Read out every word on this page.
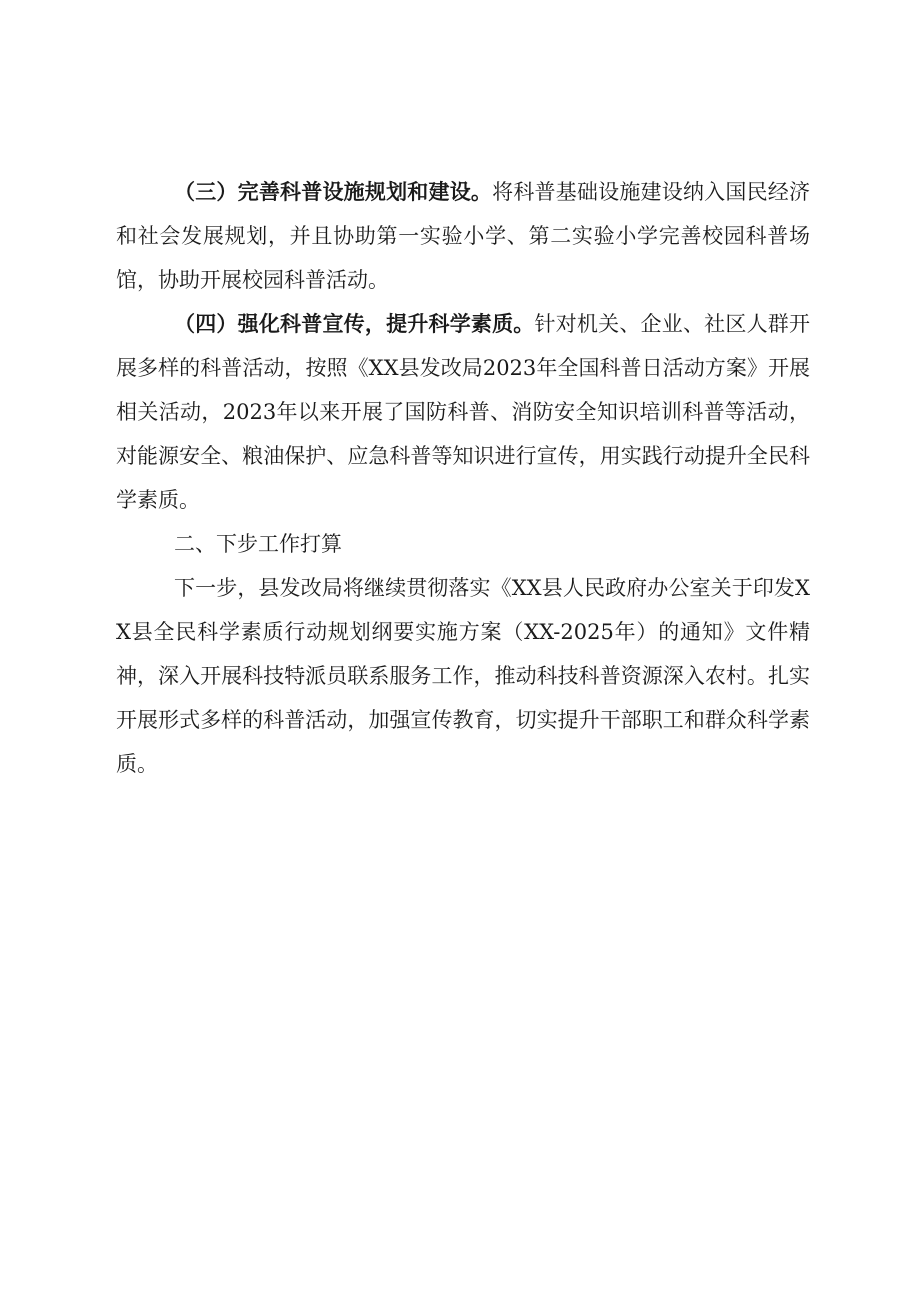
（三）完善科普设施规划和建设。将科普基础设施建设纳入国民经济和社会发展规划，并且协助第一实验小学、第二实验小学完善校园科普场馆，协助开展校园科普活动。

（四）强化科普宣传，提升科学素质。针对机关、企业、社区人群开展多样的科普活动，按照《XX县发改局2023年全国科普日活动方案》开展相关活动，2023年以来开展了国防科普、消防安全知识培训科普等活动，对能源安全、粮油保护、应急科普等知识进行宣传，用实践行动提升全民科学素质。

二、下步工作打算

下一步，县发改局将继续贯彻落实《XX县人民政府办公室关于印发XX县全民科学素质行动规划纲要实施方案（XX-2025年）的通知》文件精神，深入开展科技特派员联系服务工作，推动科技科普资源深入农村。扎实开展形式多样的科普活动，加强宣传教育，切实提升干部职工和群众科学素质。
